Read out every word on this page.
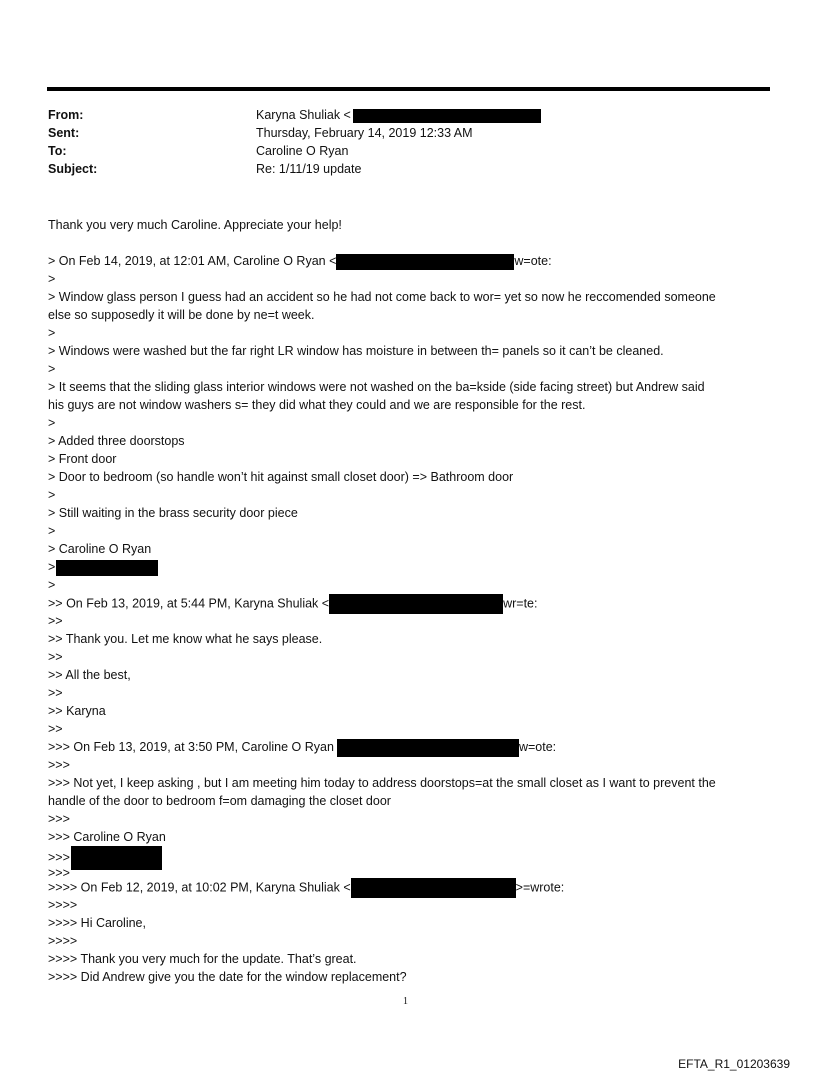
From:	Karyna Shuliak <
Sent:	Thursday, February 14, 2019 12:33 AM
To:	Caroline O Ryan
Subject:	Re: 1/11/19 update
Thank you very much Caroline. Appreciate your help!
> On Feb 14, 2019, at 12:01 AM, Caroline O Ryan <	w=ote:
>
> Window glass person I guess had an accident so he had not come back to wor= yet so now he reccomended someone
else so supposedly it will be done by ne=t week.
>
> Windows were washed but the far right LR window has moisture in between th= panels so it can’t be cleaned.
>
> It seems that the sliding glass interior windows were not washed on the ba=kside (side facing street) but Andrew said
his guys are not window washers s= they did what they could and we are responsible for the rest.
>
> Added three doorstops
> Front door
> Door to bedroom (so handle won’t hit against small closet door) => Bathroom door
>
> Still waiting in the brass security door piece
>
> Caroline O Ryan
>
>
>> On Feb 13, 2019, at 5:44 PM, Karyna Shuliak <	wr=te:
>>
>> Thank you. Let me know what he says please.
>>
>> All the best,
>>
>> Karyna
>>
>>> On Feb 13, 2019, at 3:50 PM, Caroline O Ryan	w=ote:
>>>
>>> Not yet, I keep asking , but I am meeting him today to address doorstops=at the small closet as I want to prevent the
handle of the door to bedroom f=om damaging the closet door
>>>
>>> Caroline O Ryan
>>>
>>>
>>>> On Feb 12, 2019, at 10:02 PM, Karyna Shuliak <	>=wrote:
>>>>
>>>> Hi Caroline,
>>>>
>>>> Thank you very much for the update. That’s great.
>>>> Did Andrew give you the date for the window replacement?
1
EFTA_R1_01203639
